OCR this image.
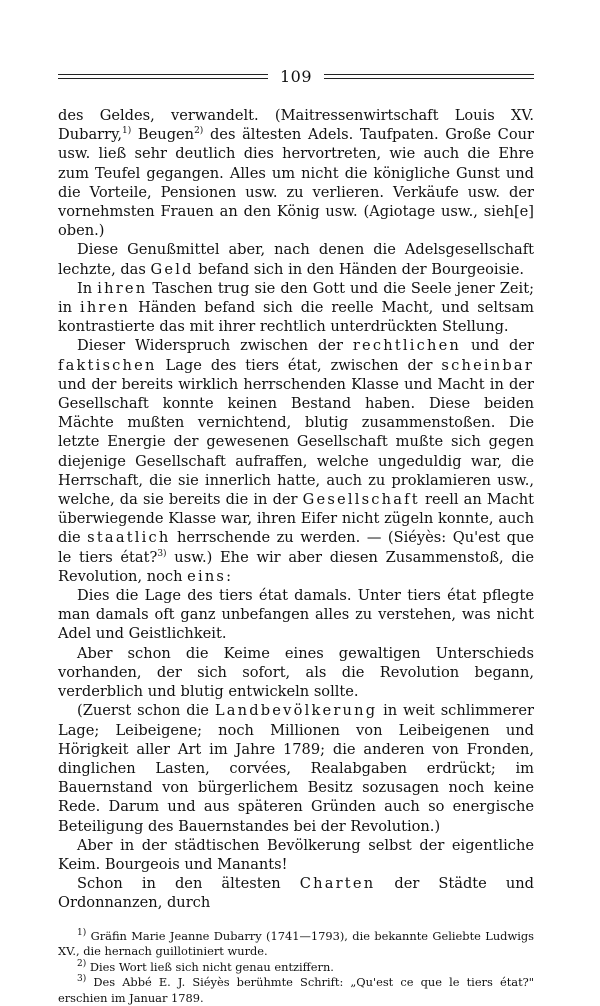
109

des Geldes, verwandelt. (Maitressenwirtschaft Louis XV. Dubarry,$^{1)}$ Beugen$^{2)}$ des ältesten Adels. Taufpaten. Große Cour usw. ließ sehr deutlich dies hervortreten, wie auch die Ehre zum Teufel gegangen. Alles um nicht die königliche Gunst und die Vorteile, Pensionen usw. zu verlieren. Verkäufe usw. der vornehmsten Frauen an den König usw. (Agiotage usw., sieh[e] oben.)

Diese Genußmittel aber, nach denen die Adelsgesellschaft lechzte, das Geld befand sich in den Händen der Bourgeoisie.

In ihren Taschen trug sie den Gott und die Seele jener Zeit; in ihren Händen befand sich die reelle Macht, und seltsam kontrastierte das mit ihrer rechtlich unterdrückten Stellung.

Dieser Widerspruch zwischen der rechtlichen und der faktischen Lage des tiers état, zwischen der scheinbar und der bereits wirklich herrschenden Klasse und Macht in der Gesellschaft konnte keinen Bestand haben. Diese beiden Mächte mußten vernichtend, blutig zusammenstoßen. Die letzte Energie der gewesenen Gesellschaft mußte sich gegen diejenige Gesellschaft aufraffen, welche ungeduldig war, die Herrschaft, die sie innerlich hatte, auch zu proklamieren usw., welche, da sie bereits die in der Gesellschaft reell an Macht überwiegende Klasse war, ihren Eifer nicht zügeln konnte, auch die staatlich herrschende zu werden. — (Siéyès: Qu'est que le tiers état?$^{3)}$ usw.) Ehe wir aber diesen Zusammenstoß, die Revolution, noch eins:

Dies die Lage des tiers état damals. Unter tiers état pflegte man damals oft ganz unbefangen alles zu verstehen, was nicht Adel und Geistlichkeit.

Aber schon die Keime eines gewaltigen Unterschieds vorhanden, der sich sofort, als die Revolution begann, verderblich und blutig entwickeln sollte.

(Zuerst schon die Landbevölkerung in weit schlimmerer Lage; Leibeigene; noch Millionen von Leibeigenen und Hörigkeit aller Art im Jahre 1789; die anderen von Fronden, dinglichen Lasten, corvées, Realabgaben erdrückt; im Bauernstand von bürgerlichem Besitz sozusagen noch keine Rede. Darum und aus späteren Gründen auch so energische Beteiligung des Bauernstandes bei der Revolution.)

Aber in der städtischen Bevölkerung selbst der eigentliche Keim. Bourgeois und Manants!

Schon in den ältesten Charten der Städte und Ordonnanzen, durch

$^{1)}$ Gräfin Marie Jeanne Dubarry (1741—1793), die bekannte Geliebte Ludwigs XV., die hernach guillotiniert wurde.

$^{2)}$ Dies Wort ließ sich nicht genau entziffern.

$^{3)}$ Des Abbé E. J. Siéyès berühmte Schrift: „Qu'est ce que le tiers état?" erschien im Januar 1789.
